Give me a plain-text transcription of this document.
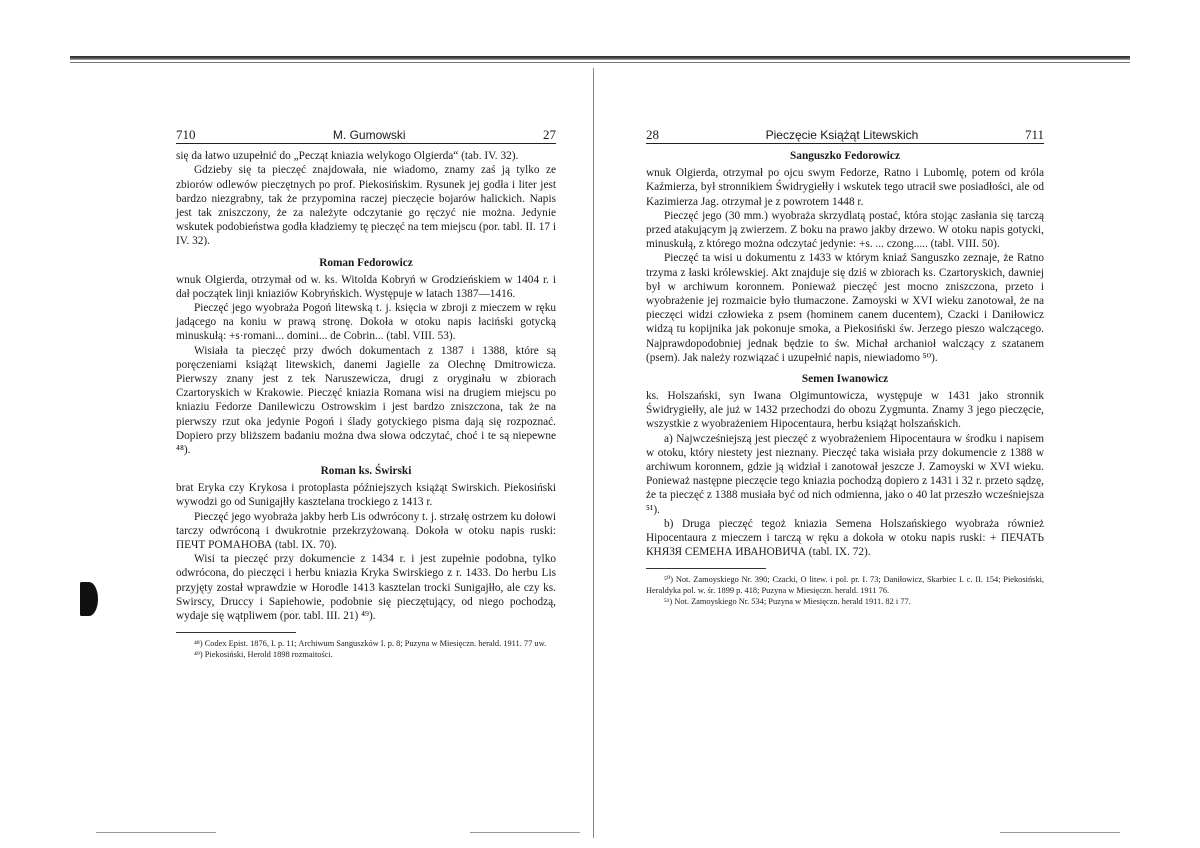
710	M. Gumowski	27

się da łatwo uzupełnić do „Pecząt kniazia welykogo Olgierda“ (tab. IV. 32).

Gdzieby się ta pieczęć znajdowała, nie wiadomo, znamy zaś ją tylko ze zbiorów odlewów pieczętnych po prof. Piekosińskim. Rysunek jej godła i liter jest bardzo niezgrabny, tak że przypomina raczej pieczęcie bojarów halickich. Napis jest tak zniszczony, że za należyte odczytanie go ręczyć nie można. Jedynie wskutek podobieństwa godła kładziemy tę pieczęć na tem miejscu (por. tabl. II. 17 i IV. 32).

Roman Fedorowicz

wnuk Olgierda, otrzymał od w. ks. Witolda Kobryń w Grodzieńskiem w 1404 r. i dał początek linji kniaziów Kobryńskich. Występuje w latach 1387—1416.

Pieczęć jego wyobraża Pogoń litewską t. j. księcia w zbroji z mieczem w ręku jadącego na koniu w prawą stronę. Dokoła w otoku napis łaciński gotycką minuskułą: +s·romani... domini... de Cobrin... (tabl. VIII. 53).

Wisiała ta pieczęć przy dwóch dokumentach z 1387 i 1388, które są poręczeniami książąt litewskich, danemi Jagielle za Olechnę Dmitrowicza. Pierwszy znany jest z tek Naruszewicza, drugi z oryginału w zbiorach Czartoryskich w Krakowie. Pieczęć kniazia Romana wisi na drugiem miejscu po kniaziu Fedorze Danilewiczu Ostrowskim i jest bardzo zniszczona, tak że na pierwszy rzut oka jedynie Pogoń i ślady gotyckiego pisma dają się rozpoznać. Dopiero przy bliższem badaniu można dwa słowa odczytać, choć i te są niepewne ⁴⁸).

Roman ks. Świrski

brat Eryka czy Krykosa i protoplasta późniejszych książąt Swirskich. Piekosiński wywodzi go od Sunigajłły kasztelana trockiego z 1413 r.

Pieczęć jego wyobraża jakby herb Lis odwrócony t. j. strzałę ostrzem ku dołowi tarczy odwróconą i dwukrotnie przekrzyżowaną. Dokoła w otoku napis ruski: ПЕЧТ РОМАНОВА (tabl. IX. 70).

Wisi ta pieczęć przy dokumencie z 1434 r. i jest zupełnie podobna, tylko odwrócona, do pieczęci i herbu kniazia Kryka Swirskiego z r. 1433. Do herbu Lis przyjęty został wprawdzie w Horodle 1413 kasztelan trocki Sunigajłło, ale czy ks. Swirscy, Druccy i Sapiehowie, podobnie się pieczętujący, od niego pochodzą, wydaje się wątpliwem (por. tabl. III. 21) ⁴⁹).

⁴⁸) Codex Epist. 1876, I. p. 11; Archiwum Sanguszków I. p. 8; Puzyna w Miesięczn. herald. 1911. 77 uw.

⁴⁹) Piekosiński, Herold 1898 rozmaitości.

28	Pieczęcie Książąt Litewskich	711
Sanguszko Fedorowicz

wnuk Olgierda, otrzymał po ojcu swym Fedorze, Ratno i Lubomlę, potem od króla Kaźmierza, był stronnikiem Świdrygiełły i wskutek tego utracił swe posiadłości, ale od Kazimierza Jag. otrzymał je z powrotem 1448 r.

Pieczęć jego (30 mm.) wyobraża skrzydlatą postać, która stojąc zasłania się tarczą przed atakującym ją zwierzem. Z boku na prawo jakby drzewo. W otoku napis gotycki, minuskułą, z którego można odczytać jedynie: +s. ... czong..... (tabl. VIII. 50).

Pieczęć ta wisi u dokumentu z 1433 w którym kniaź Sanguszko zeznaje, że Ratno trzyma z łaski królewskiej. Akt znajduje się dziś w zbiorach ks. Czartoryskich, dawniej był w archiwum koronnem. Ponieważ pieczęć jest mocno zniszczona, przeto i wyobrażenie jej rozmaicie było tłumaczone. Zamoyski w XVI wieku zanotował, że na pieczęci widzi człowieka z psem (hominem canem ducentem), Czacki i Daniłowicz widzą tu kopijnika jak pokonuje smoka, a Piekosiński św. Jerzego pieszo walczącego. Najprawdopodobniej jednak będzie to św. Michał archanioł walczący z szatanem (psem). Jak należy rozwiązać i uzupełnić napis, niewiadomo ⁵⁰).

Semen Iwanowicz

ks. Holszański, syn Iwana Olgimuntowicza, występuje w 1431 jako stronnik Świdrygiełły, ale już w 1432 przechodzi do obozu Zygmunta. Znamy 3 jego pieczęcie, wszystkie z wyobrażeniem Hipocentaura, herbu książąt holszańskich.

a) Najwcześniejszą jest pieczęć z wyobrażeniem Hipocentaura w środku i napisem w otoku, który niestety jest nieznany. Pieczęć taka wisiała przy dokumencie z 1388 w archiwum koronnem, gdzie ją widział i zanotował jeszcze J. Zamoyski w XVI wieku. Ponieważ następne pieczęcie tego kniazia pochodzą dopiero z 1431 i 32 r. przeto sądzę, że ta pieczęć z 1388 musiała być od nich odmienna, jako o 40 lat przeszło wcześniejsza ⁵¹).

b) Druga pieczęć tegoż kniazia Semena Holszańskiego wyobraża również Hipocentaura z mieczem i tarczą w ręku a dokoła w otoku napis ruski: + ПЕЧАТЬ КНЯЗЯ СЕМЕНА ИВАНОВИЧА (tabl. IX. 72).

⁵⁰) Not. Zamoyskiego Nr. 390; Czacki, O litew. i pol. pr. I. 73; Daniłowicz, Skarbiec I. c. II. 154; Piekosiński, Heraldyka pol. w. śr. 1899 p. 418; Puzyna w Miesięczn. herald. 1911 76.

⁵¹) Not. Zamoyskiego Nr. 534; Puzyna w Miesięczn. herald 1911. 82 i 77.
